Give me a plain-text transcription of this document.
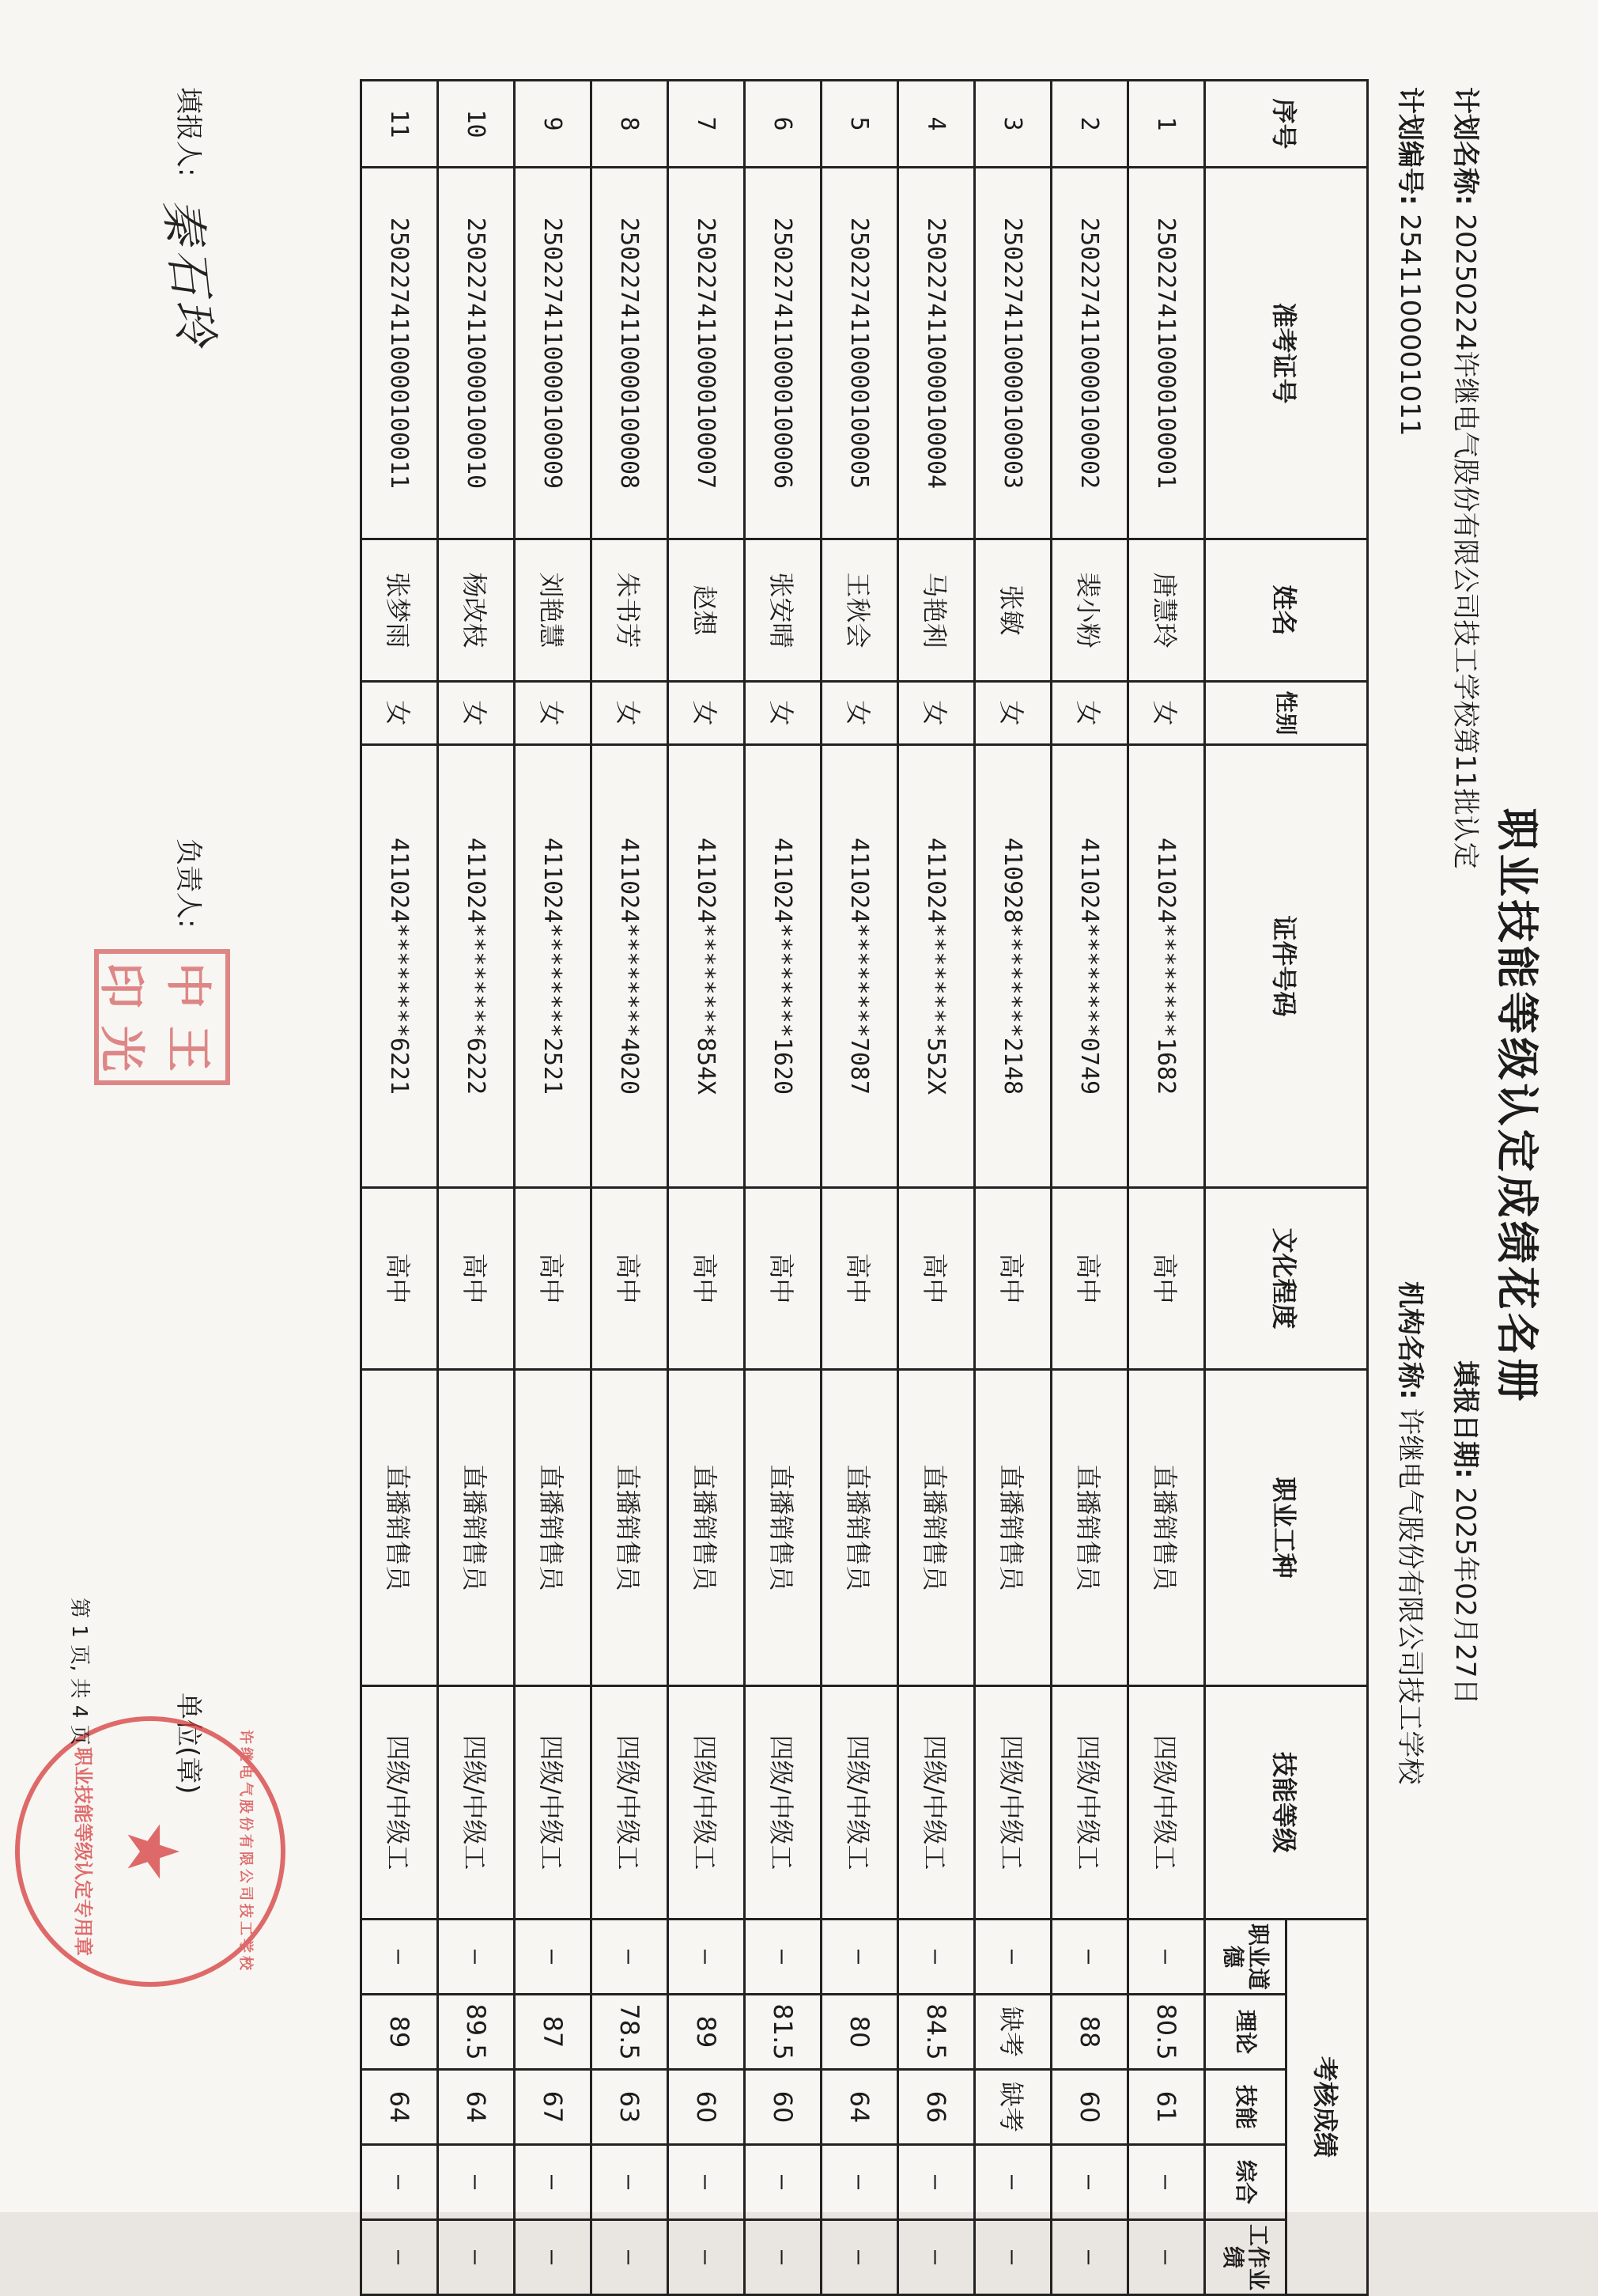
职业技能等级认定成绩花名册
计划名称: 20250224许继电气股份有限公司技工学校第11批认定
填报日期: 2025年02月27日
计划编号: 2541100001011
机构名称: 许继电气股份有限公司技工学校
序号	准考证号	姓名	性别	证件号码	文化程度	职业工种	技能等级	考核成绩				
								职业道德	理论	技能	综合	工作业绩
1	2502274110000100001	唐慧玲	女	411024********1682	高中	直播销售员	四级/中级工	—	80.5	61	—	—
2	2502274110000100002	裴小粉	女	411024********0749	高中	直播销售员	四级/中级工	—	88	60	—	—
3	2502274110000100003	张敏	女	410928********2148	高中	直播销售员	四级/中级工	—	缺考	缺考	—	—
4	2502274110000100004	马艳利	女	411024********552X	高中	直播销售员	四级/中级工	—	84.5	66	—	—
5	2502274110000100005	王秋会	女	411024********7087	高中	直播销售员	四级/中级工	—	80	64	—	—
6	2502274110000100006	张安晴	女	411024********1620	高中	直播销售员	四级/中级工	—	81.5	60	—	—
7	2502274110000100007	赵想	女	411024********854X	高中	直播销售员	四级/中级工	—	89	60	—	—
8	2502274110000100008	朱书芳	女	411024********4020	高中	直播销售员	四级/中级工	—	78.5	63	—	—
9	2502274110000100009	刘艳慧	女	411024********2521	高中	直播销售员	四级/中级工	—	87	67	—	—
10	2502274110000100010	杨改枝	女	411024********6222	高中	直播销售员	四级/中级工	—	89.5	64	—	—
11	2502274110000100011	张梦雨	女	411024********6221	高中	直播销售员	四级/中级工	—	89	64	—	—
填报人:
秦石玲
负责人:
中
王
印
光
单位(章)	许继电气股份有限公司技工学校
★
职业技能等级认定专用章
第 1 页, 共 4 页
